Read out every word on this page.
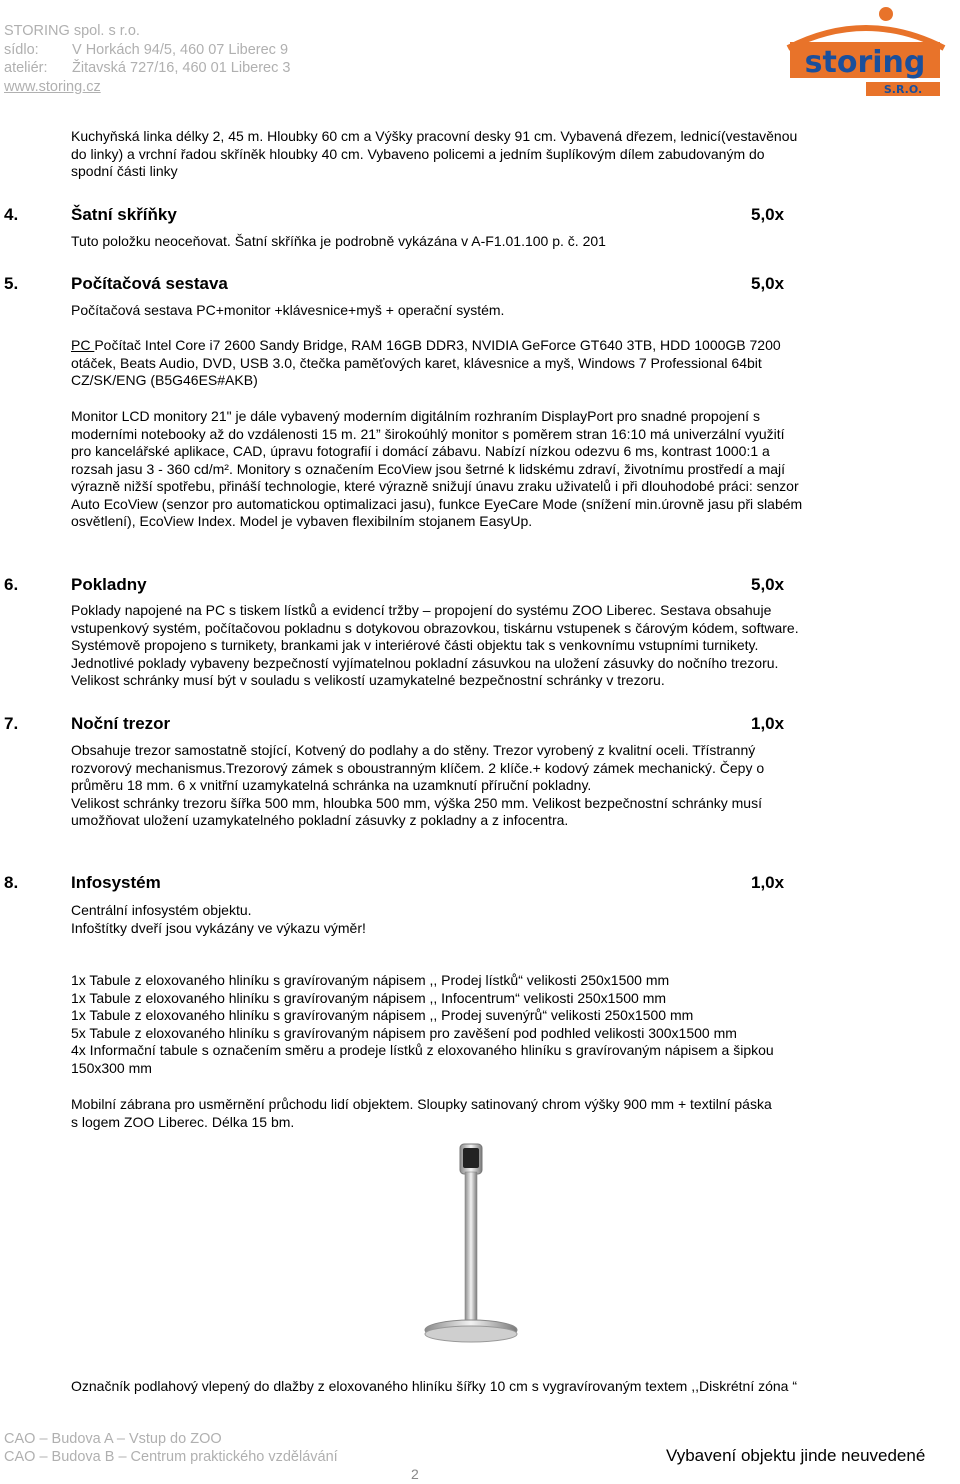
STORING spol. s r.o.
sídlo: V Horkách 94/5, 460 07 Liberec 9
ateliér: Žitavská 727/16, 460 01 Liberec 3
www.storing.cz
storing
S.R.O.
Kuchyňská linka délky 2, 45 m. Hloubky 60 cm a Výšky pracovní desky 91 cm. Vybavená dřezem, lednicí(vestavěnou
do linky) a vrchní řadou skříněk hloubky 40 cm. Vybaveno policemi a jedním šuplíkovým dílem zabudovaným do
spodní části linky
4.	Šatní skříňky	5,0x
Tuto položku neoceňovat. Šatní skříňka je podrobně vykázána v A-F1.01.100 p. č. 201
5.	Počítačová sestava	5,0x
Počítačová sestava PC+monitor +klávesnice+myš + operační systém.
PC Počítač Intel Core i7 2600 Sandy Bridge, RAM 16GB DDR3, NVIDIA GeForce GT640 3TB, HDD 1000GB 7200
otáček, Beats Audio, DVD, USB 3.0, čtečka paměťových karet, klávesnice a myš, Windows 7 Professional 64bit
CZ/SK/ENG (B5G46ES#AKB)
Monitor LCD monitory 21" je dále vybavený moderním digitálním rozhraním DisplayPort pro snadné propojení s
moderními notebooky až do vzdálenosti 15 m. 21” širokoúhlý monitor s poměrem stran 16:10 má univerzální využití
pro kancelářské aplikace, CAD, úpravu fotografií i domácí zábavu. Nabízí nízkou odezvu 6 ms, kontrast 1000:1 a
rozsah jasu 3 - 360 cd/m². Monitory s označením EcoView jsou šetrné k lidskému zdraví, životnímu prostředí a mají
výrazně nižší spotřebu, přináší technologie, které výrazně snižují únavu zraku uživatelů i při dlouhodobé práci: senzor
Auto EcoView (senzor pro automatickou optimalizaci jasu), funkce EyeCare Mode (snížení min.úrovně jasu při slabém
osvětlení), EcoView Index. Model je vybaven flexibilním stojanem EasyUp.
6.	Pokladny	5,0x
Poklady napojené na PC s tiskem lístků a evidencí tržby – propojení do systému ZOO Liberec. Sestava obsahuje
vstupenkový systém, počítačovou pokladnu s dotykovou obrazovkou, tiskárnu vstupenek s čárovým kódem, software.
Systémově propojeno s turnikety, brankami jak v interiérové části objektu tak s venkovnímu vstupními turnikety.
Jednotlivé poklady vybaveny bezpečností vyjímatelnou pokladní zásuvkou na uložení zásuvky do nočního trezoru.
Velikost schránky musí být v souladu s velikostí uzamykatelné bezpečnostní schránky v trezoru.
7.	Noční trezor	1,0x
Obsahuje trezor samostatně stojící, Kotvený do podlahy a do stěny. Trezor vyrobený z kvalitní oceli. Třístranný
rozvorový mechanismus.Trezorový zámek s oboustranným klíčem. 2 klíče.+ kodový zámek mechanický. Čepy o
průměru 18 mm. 6 x vnitřní uzamykatelná schránka na uzamknutí příruční pokladny.
Velikost schránky trezoru šířka 500 mm, hloubka 500 mm, výška 250 mm. Velikost bezpečnostní schránky musí
umožňovat uložení uzamykatelného pokladní zásuvky z pokladny a z infocentra.
8.	Infosystém	1,0x
Centrální infosystém objektu.
Infoštítky dveří jsou vykázány ve výkazu výměr!
1x Tabule z eloxovaného hliníku s gravírovaným nápisem ,, Prodej lístků“ velikosti 250x1500 mm
1x Tabule z eloxovaného hliníku s gravírovaným nápisem ,, Infocentrum“ velikosti 250x1500 mm
1x Tabule z eloxovaného hliníku s gravírovaným nápisem ,, Prodej suvenýrů“ velikosti 250x1500 mm
5x Tabule z eloxovaného hliníku s gravírovaným nápisem pro zavěšení pod podhled velikosti 300x1500 mm
4x Informační tabule s označením směru a prodeje lístků z eloxovaného hliníku s gravírovaným nápisem a šipkou
150x300 mm
Mobilní zábrana pro usměrnění průchodu lidí objektem. Sloupky satinovaný chrom výšky 900 mm + textilní páska
s logem ZOO Liberec. Délka 15 bm.
Označník podlahový vlepený do dlažby z eloxovaného hliníku šířky 10 cm s vygravírovaným textem ,,Diskrétní zóna “
CAO – Budova A – Vstup do ZOO
CAO – Budova B – Centrum praktického vzdělávání	Vybavení objektu jinde neuvedené
2
